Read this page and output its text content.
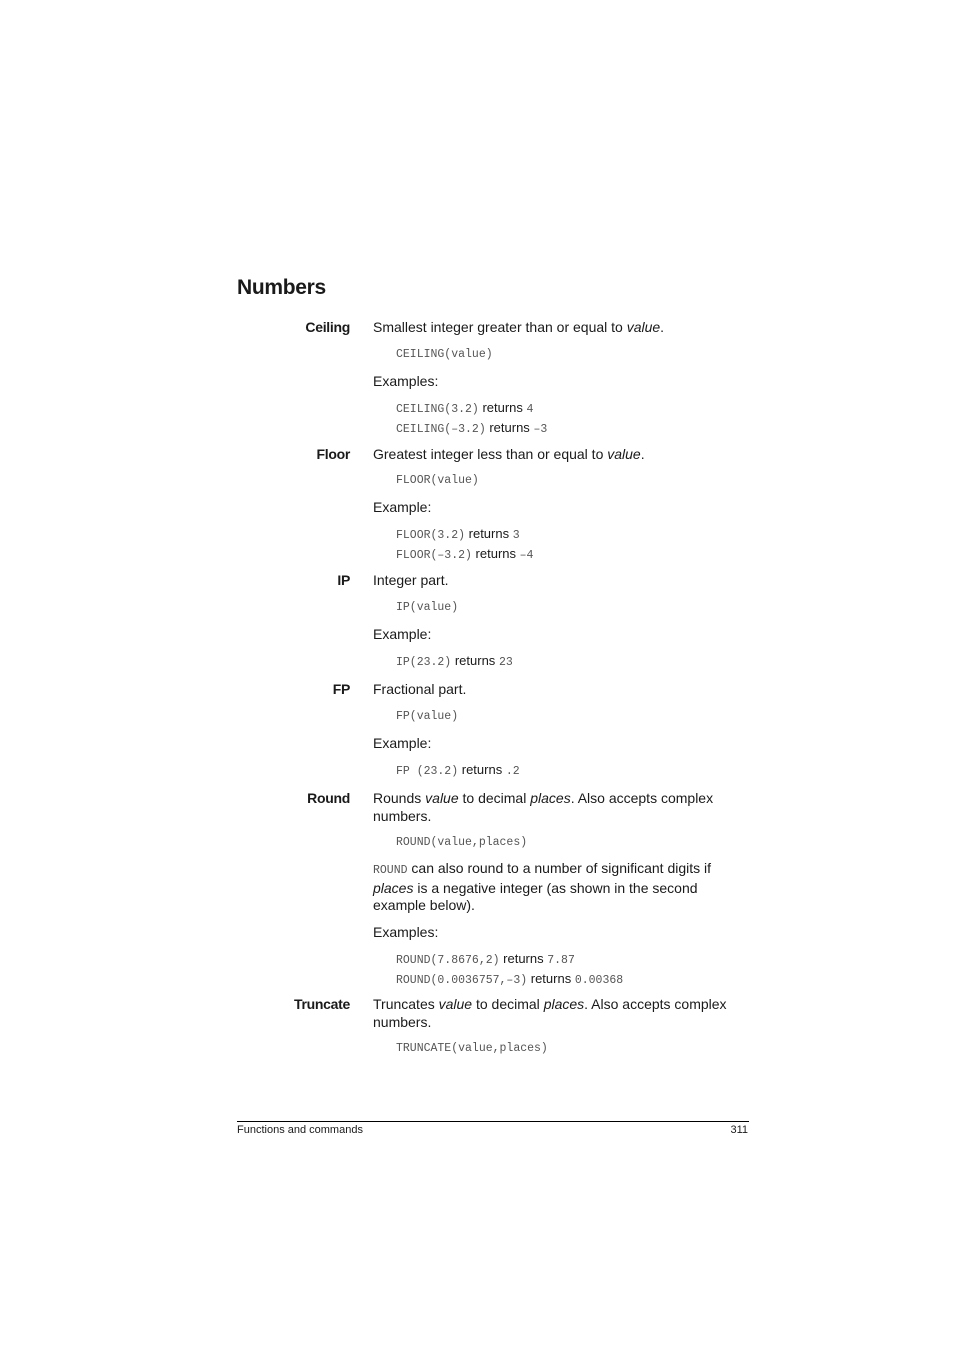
Numbers
Ceiling Smallest integer greater than or equal to value.

CEILING(value)

Examples:

CEILING(3.2) returns 4

CEILING(–3.2) returns –3

Floor Greatest integer less than or equal to value.

FLOOR(value)

Example:

FLOOR(3.2) returns 3

FLOOR(–3.2) returns –4

IP Integer part.

IP(value)

Example:

IP(23.2) returns 23

FP Fractional part.

FP(value)

Example:

FP (23.2) returns .2

Round Rounds value to decimal places. Also accepts complex numbers.

ROUND(value,places)

ROUND can also round to a number of significant digits if places is a negative integer (as shown in the second example below).

Examples:

ROUND(7.8676,2) returns 7.87

ROUND(0.0036757,–3) returns 0.00368

Truncate Truncates value to decimal places. Also accepts complex numbers.

TRUNCATE(value,places)

Functions and commands	311
